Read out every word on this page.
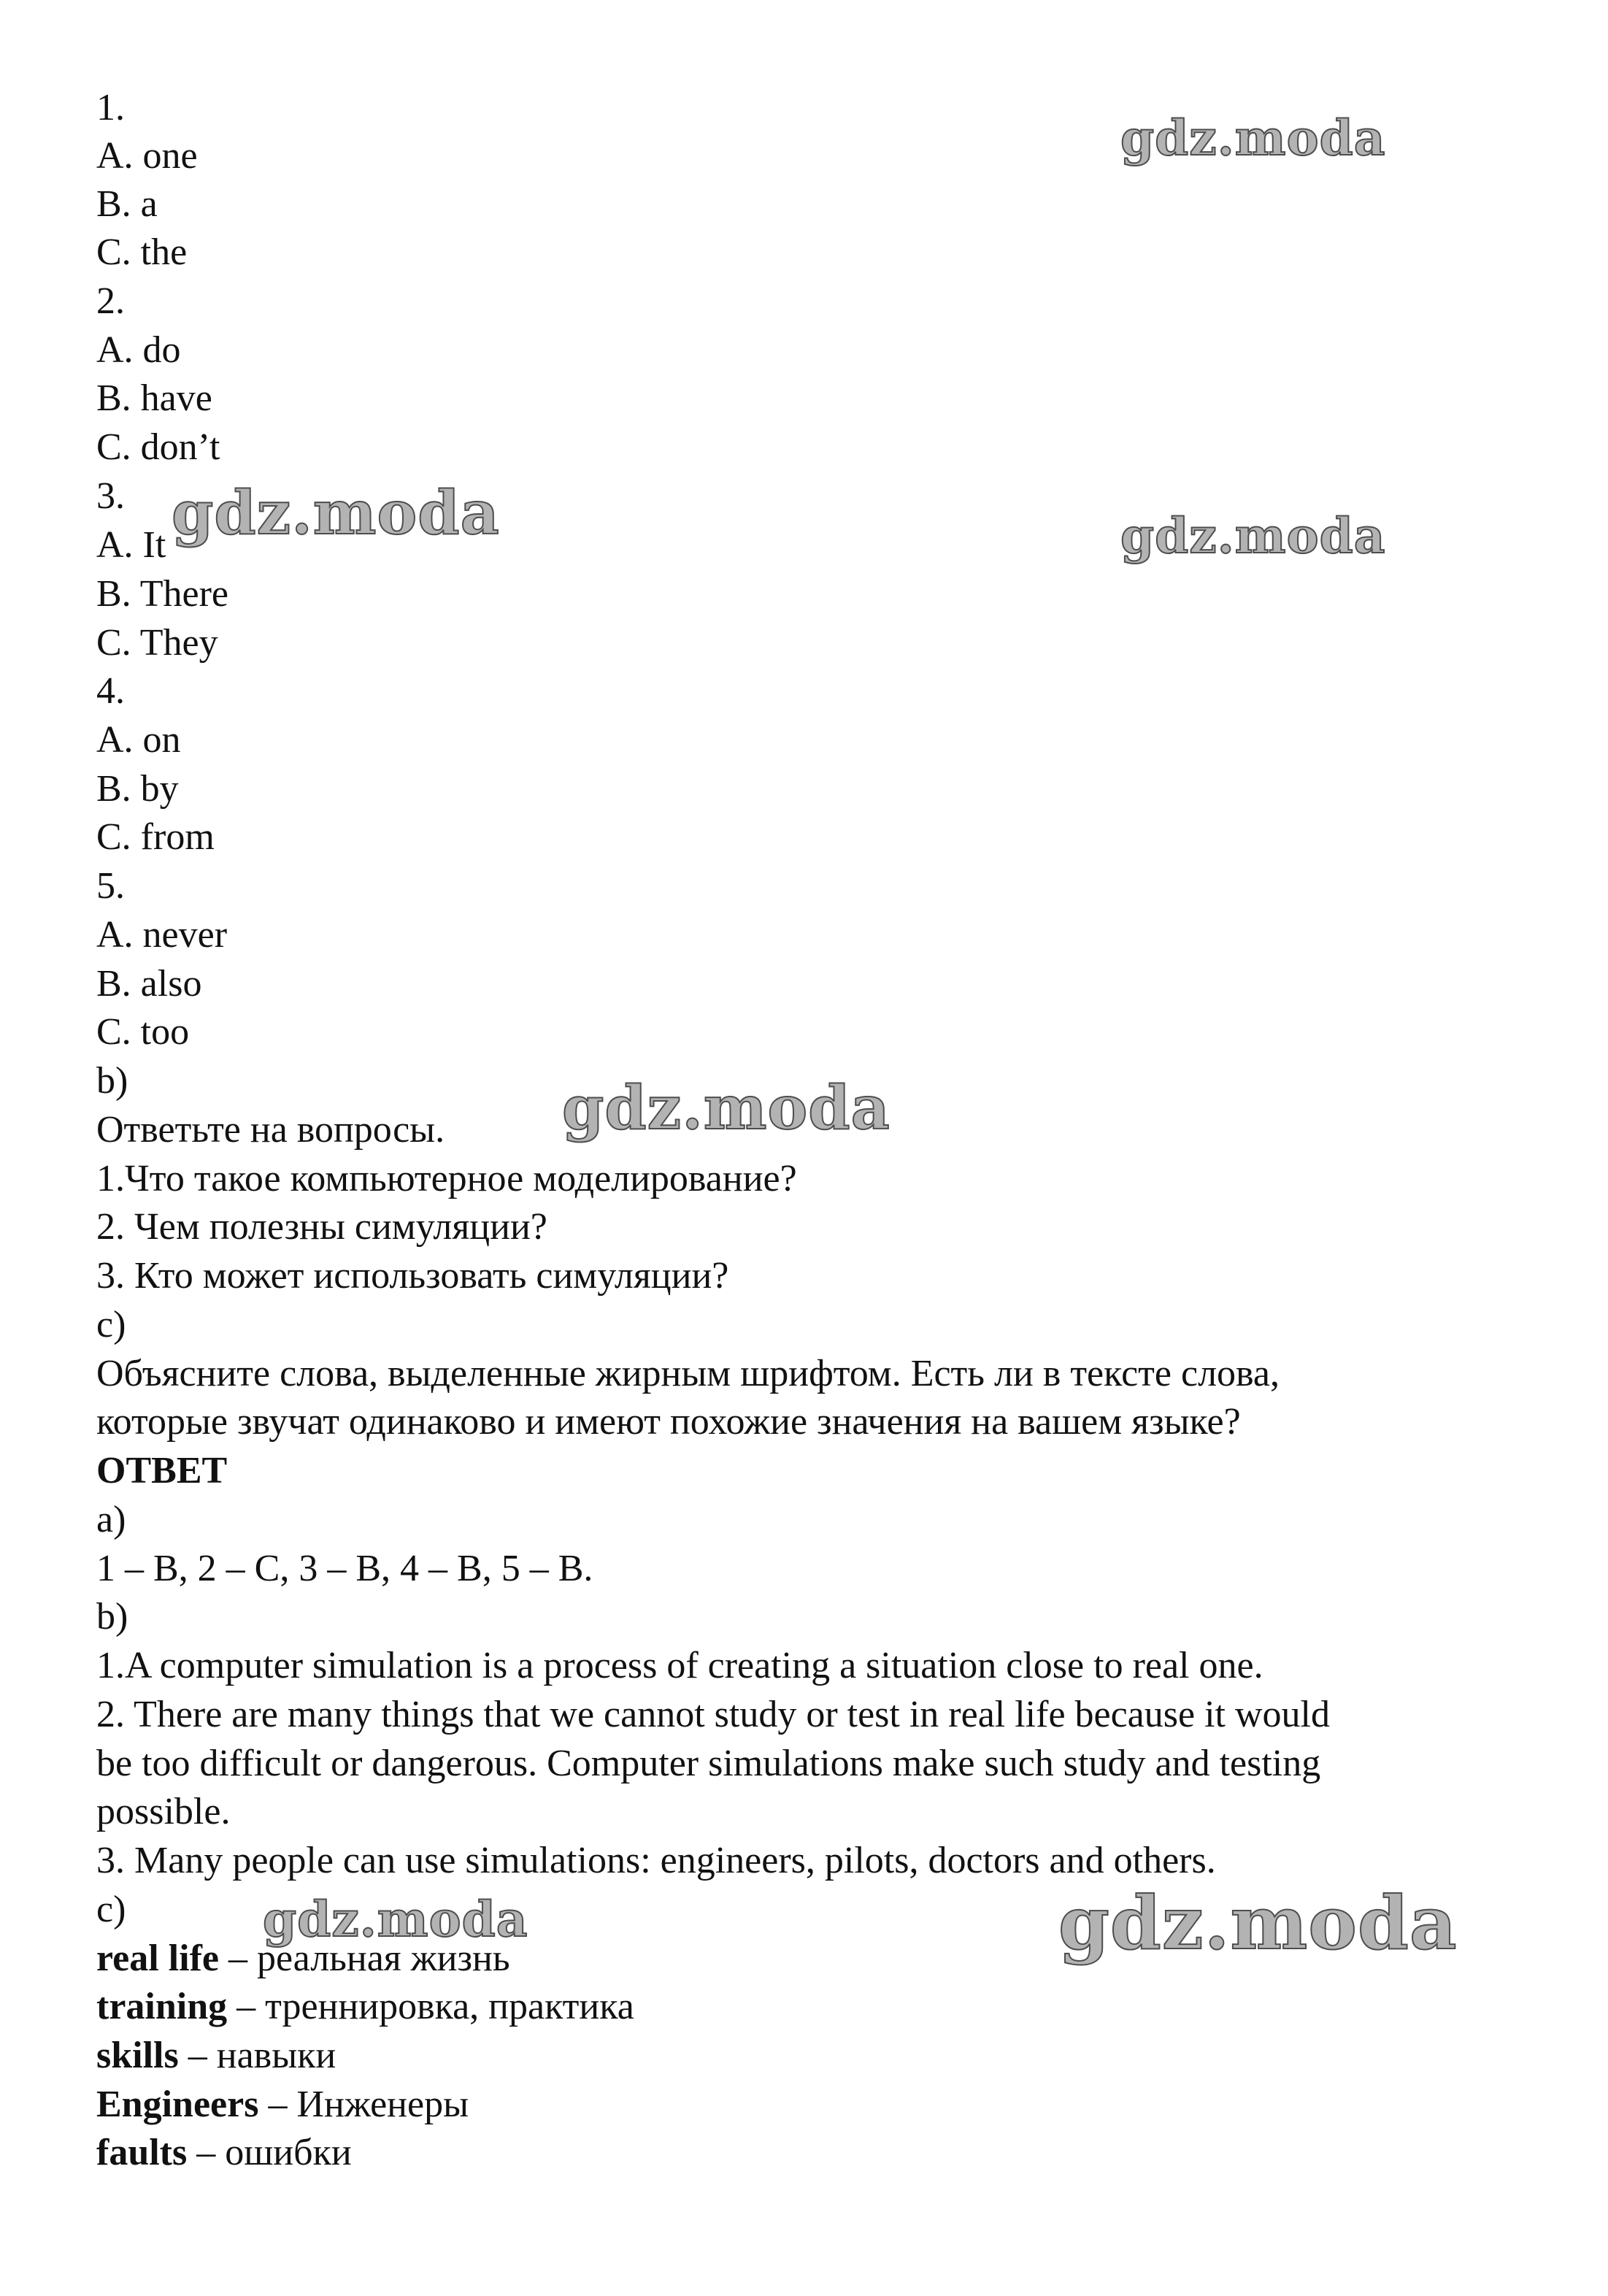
1.
A. one
B. a
C. the
2.
A. do
B. have
C. don’t
3.
A. It
B. There
C. They
4.
A. on
B. by
C. from
5.
A. never
B. also
C. too
b)
Ответьте на вопросы.
1.Что такое компьютерное моделирование?
2. Чем полезны симуляции?
3. Кто может использовать симуляции?
c)
Объясните слова, выделенные жирным шрифтом. Есть ли в тексте слова,
которые звучат одинаково и имеют похожие значения на вашем языке?
ОТВЕТ
a)
1 – B, 2 – C, 3 – B, 4 – B, 5 – B.
b)
1.A computer simulation is a process of creating a situation close to real one.
2. There are many things that we cannot study or test in real life because it would
be too difficult or dangerous. Computer simulations make such study and testing
possible.
3. Many people can use simulations: engineers, pilots, doctors and others.
c)
real life – реальная жизнь
training – треннировка, практика
skills – навыки
Engineers – Инженеры
faults – ошибки
gdz.moda
gdz.moda	gdz.moda
gdz.moda
gdz.moda	gdz.moda
